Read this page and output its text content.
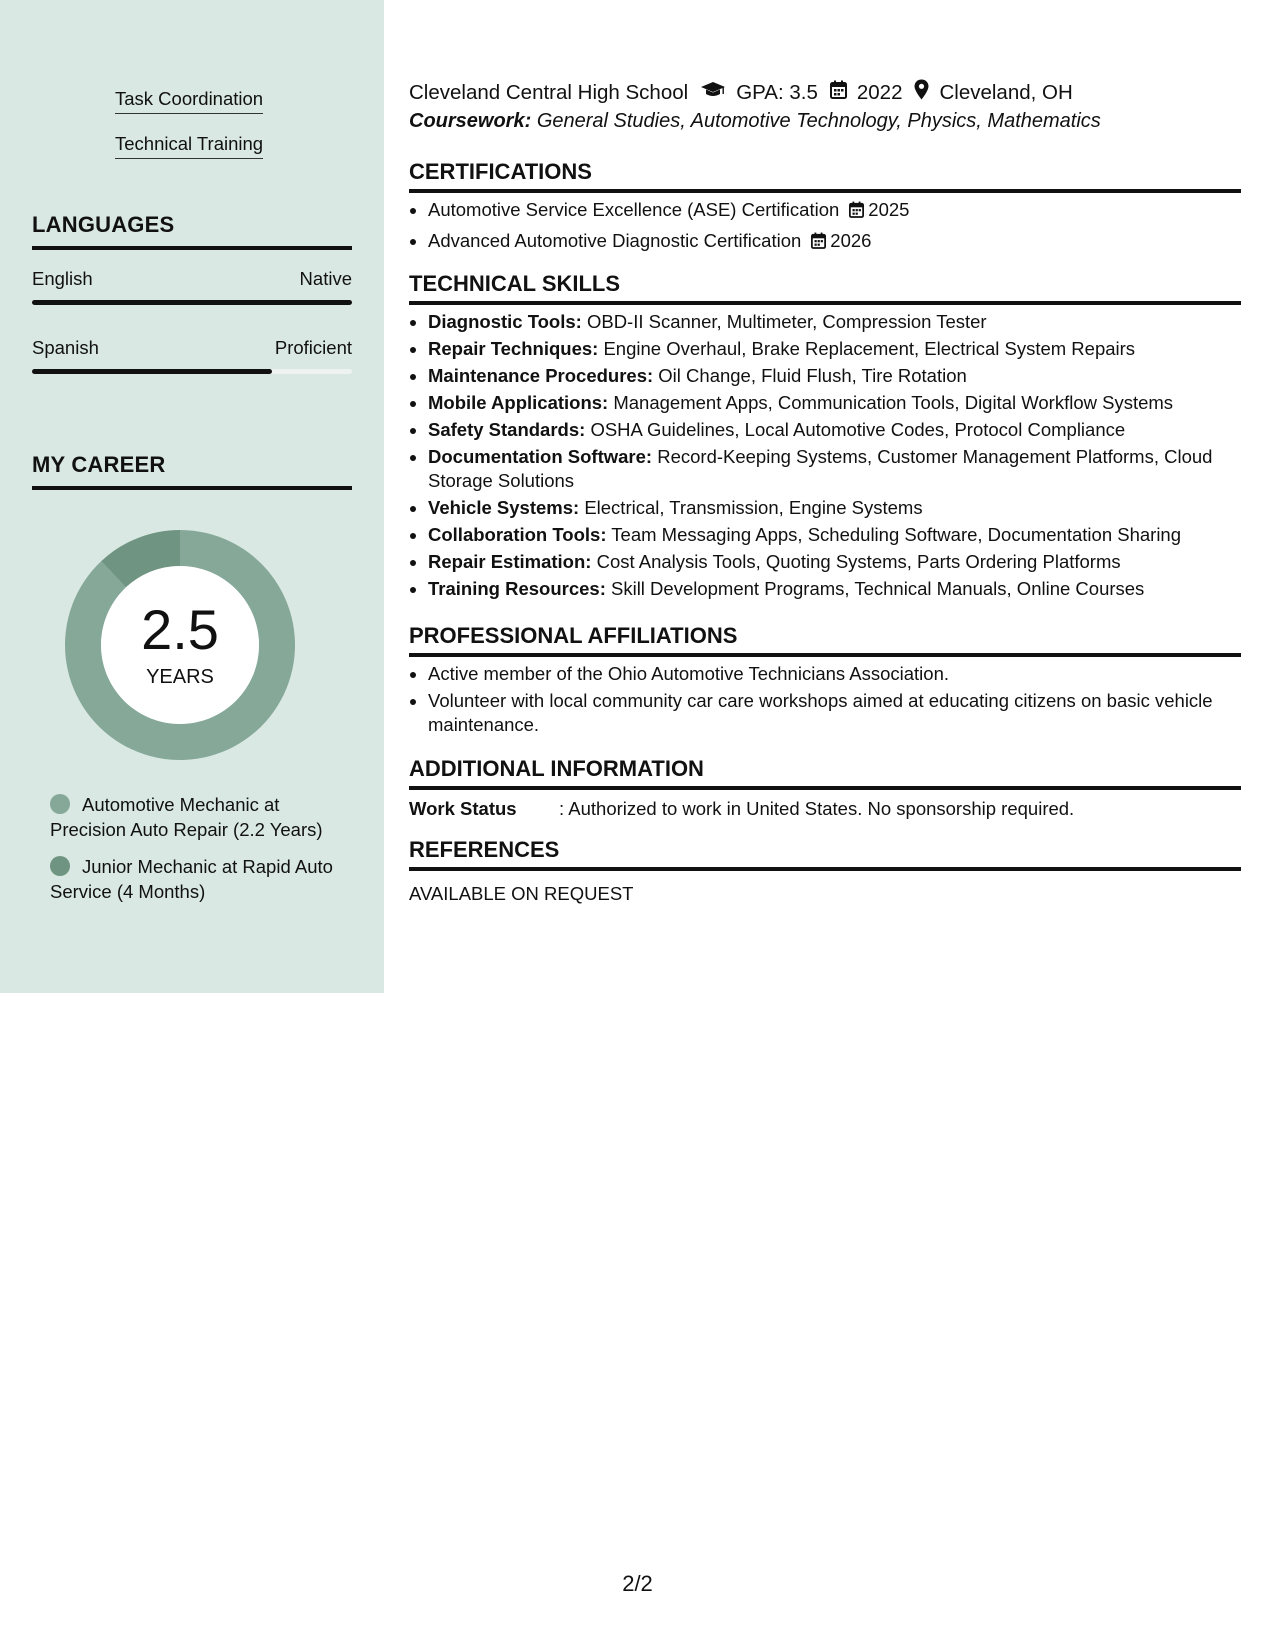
Task Coordination
Technical Training
LANGUAGES
English	Native
Spanish	Proficient
MY CAREER
2.5
YEARS
Automotive Mechanic at Precision Auto Repair (2.2 Years)
Junior Mechanic at Rapid Auto Service (4 Months)
Cleveland Central High School GPA: 3.5 2022 Cleveland, OH
Coursework: General Studies, Automotive Technology, Physics, Mathematics
CERTIFICATIONS
• Automotive Service Excellence (ASE) Certification 2025
• Advanced Automotive Diagnostic Certification 2026
TECHNICAL SKILLS
• Diagnostic Tools: OBD-II Scanner, Multimeter, Compression Tester
• Repair Techniques: Engine Overhaul, Brake Replacement, Electrical System Repairs
• Maintenance Procedures: Oil Change, Fluid Flush, Tire Rotation
• Mobile Applications: Management Apps, Communication Tools, Digital Workflow Systems
• Safety Standards: OSHA Guidelines, Local Automotive Codes, Protocol Compliance
• Documentation Software: Record-Keeping Systems, Customer Management Platforms, Cloud Storage Solutions
• Vehicle Systems: Electrical, Transmission, Engine Systems
• Collaboration Tools: Team Messaging Apps, Scheduling Software, Documentation Sharing
• Repair Estimation: Cost Analysis Tools, Quoting Systems, Parts Ordering Platforms
• Training Resources: Skill Development Programs, Technical Manuals, Online Courses
PROFESSIONAL AFFILIATIONS
• Active member of the Ohio Automotive Technicians Association.
• Volunteer with local community car care workshops aimed at educating citizens on basic vehicle maintenance.
ADDITIONAL INFORMATION
Work Status : Authorized to work in United States. No sponsorship required.
REFERENCES
AVAILABLE ON REQUEST
2/2
